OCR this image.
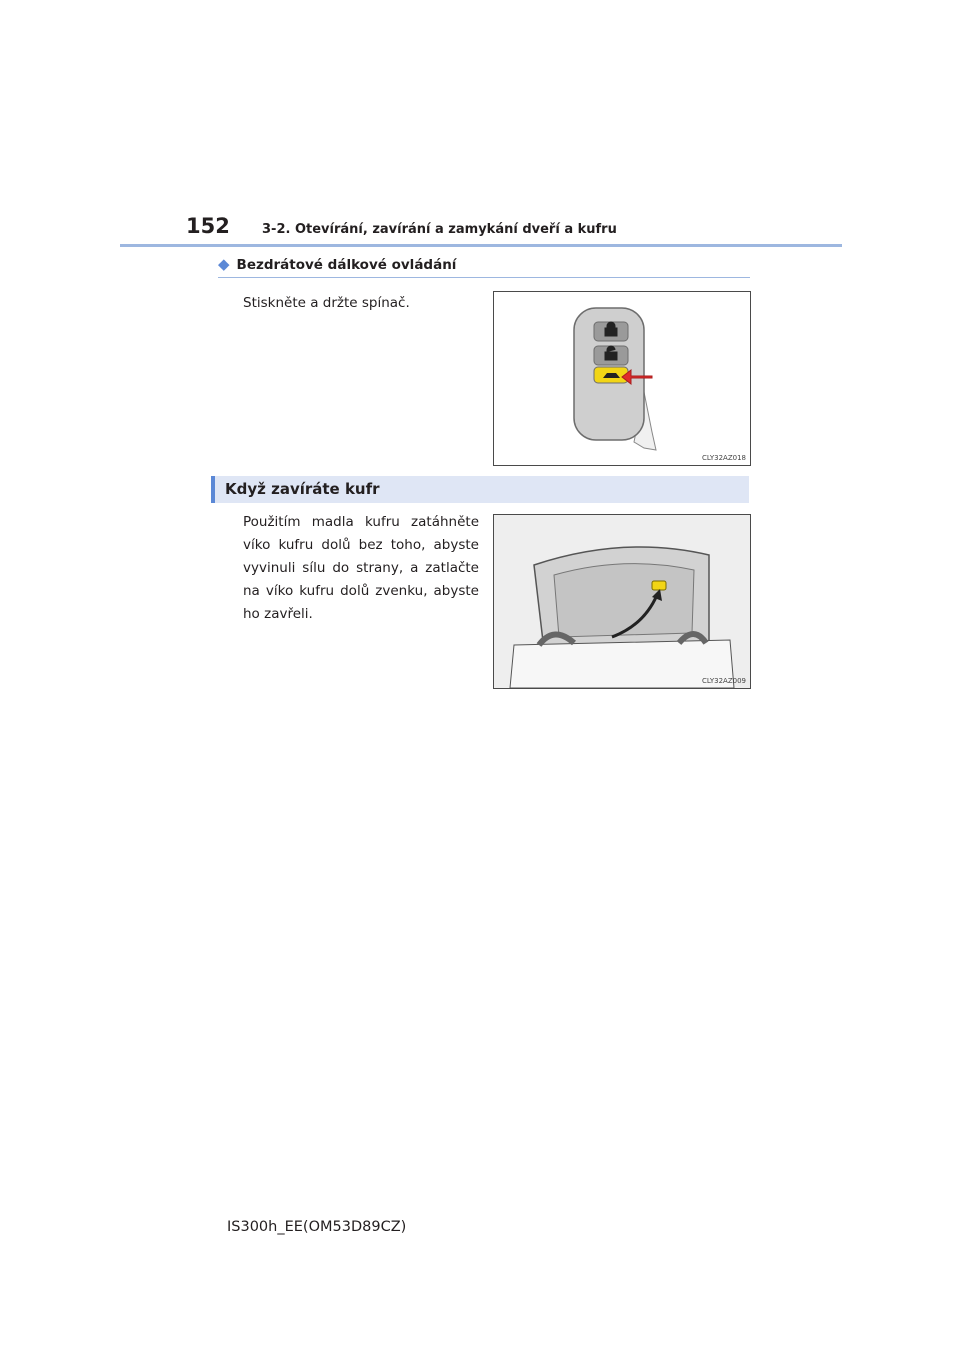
152 3-2. Otevírání, zavírání a zamykání dveří a kufru
◆ Bezdrátové dálkové ovládání
Stiskněte a držte spínač.
CLY32AZ018
Když zavíráte kufr
Použitím madla kufru zatáhněte víko kufru dolů bez toho, abyste vyvinuli sílu do strany, a zatlačte na víko kufru dolů zvenku, abyste ho zavřeli.
CLY32AZ009
IS300h_EE(OM53D89CZ)
